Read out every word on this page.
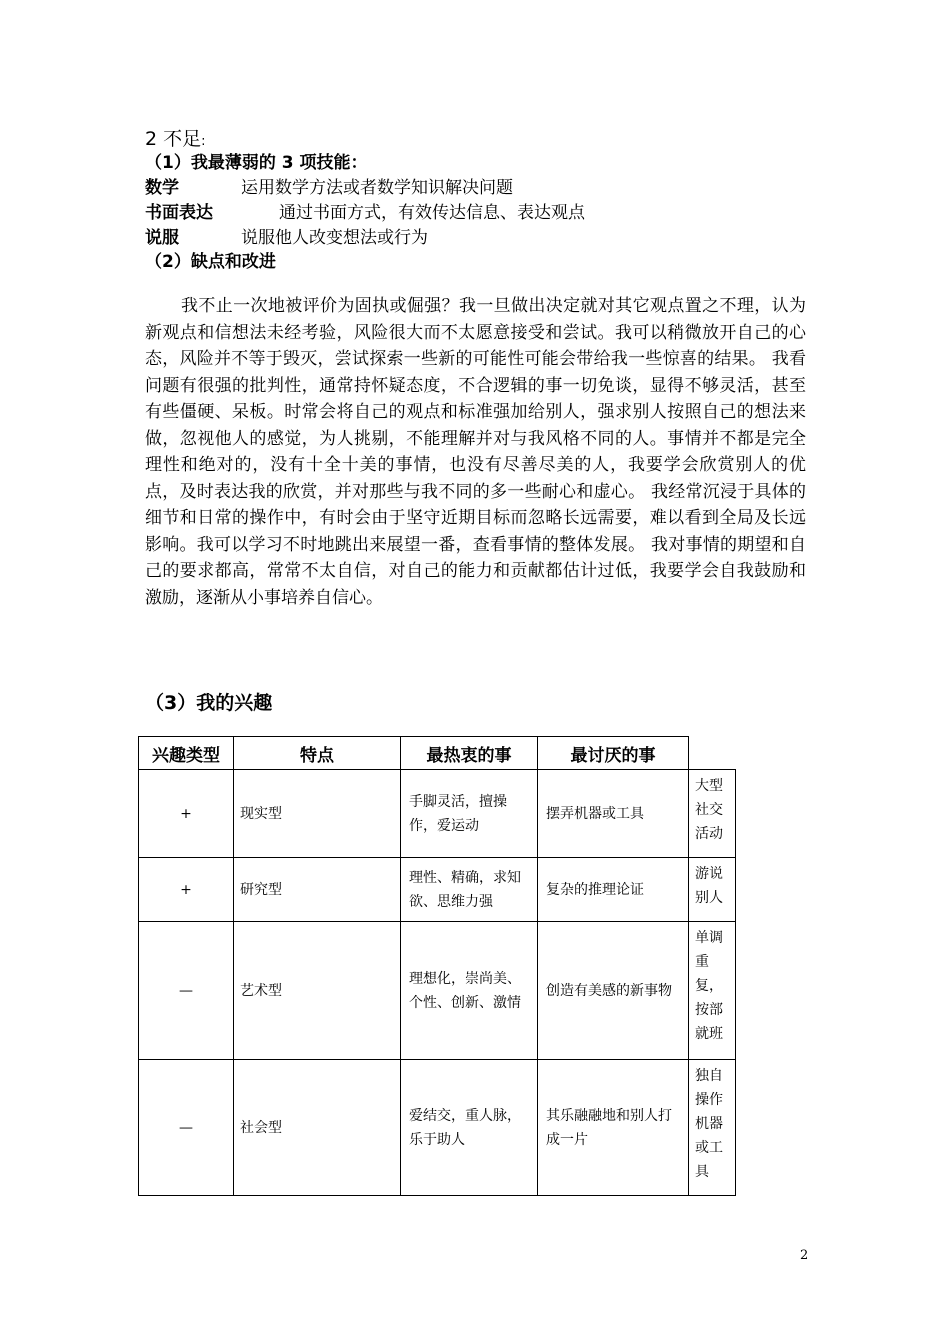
2 不足:
（1）我最薄弱的 3 项技能：
数学	运用数学方法或者数学知识解决问题
书面表达	通过书面方式，有效传达信息、表达观点
说服	说服他人改变想法或行为
（2）缺点和改进

我不止一次地被评价为固执或倔强？我一旦做出决定就对其它观点置之不理，认为新观点和信想法未经考验，风险很大而不太愿意接受和尝试。我可以稍微放开自己的心态，风险并不等于毁灭，尝试探索一些新的可能性可能会带给我一些惊喜的结果。 我看问题有很强的批判性，通常持怀疑态度，不合逻辑的事一切免谈，显得不够灵活，甚至有些僵硬、呆板。时常会将自己的观点和标准强加给别人，强求别人按照自己的想法来做，忽视他人的感觉，为人挑剔，不能理解并对与我风格不同的人。事情并不都是完全理性和绝对的，没有十全十美的事情，也没有尽善尽美的人，我要学会欣赏别人的优点，及时表达我的欣赏，并对那些与我不同的多一些耐心和虚心。 我经常沉浸于具体的细节和日常的操作中，有时会由于坚守近期目标而忽略长远需要，难以看到全局及长远影响。我可以学习不时地跳出来展望一番，查看事情的整体发展。 我对事情的期望和自己的要求都高，常常不太自信，对自己的能力和贡献都估计过低，我要学会自我鼓励和激励，逐渐从小事培养自信心。

（3）我的兴趣
兴趣类型	特点	最热衷的事	最讨厌的事	
+	现实型	手脚灵活，擅操作，爱运动	摆弄机器或工具	大型社交活动
+	研究型	理性、精确，求知欲、思维力强	复杂的推理论证	游说别人
—	艺术型	理想化，崇尚美、个性、创新、激情	创造有美感的新事物	单调重复，按部就班
—	社会型	爱结交，重人脉，乐于助人	其乐融融地和别人打成一片	独自操作机器或工具
2
